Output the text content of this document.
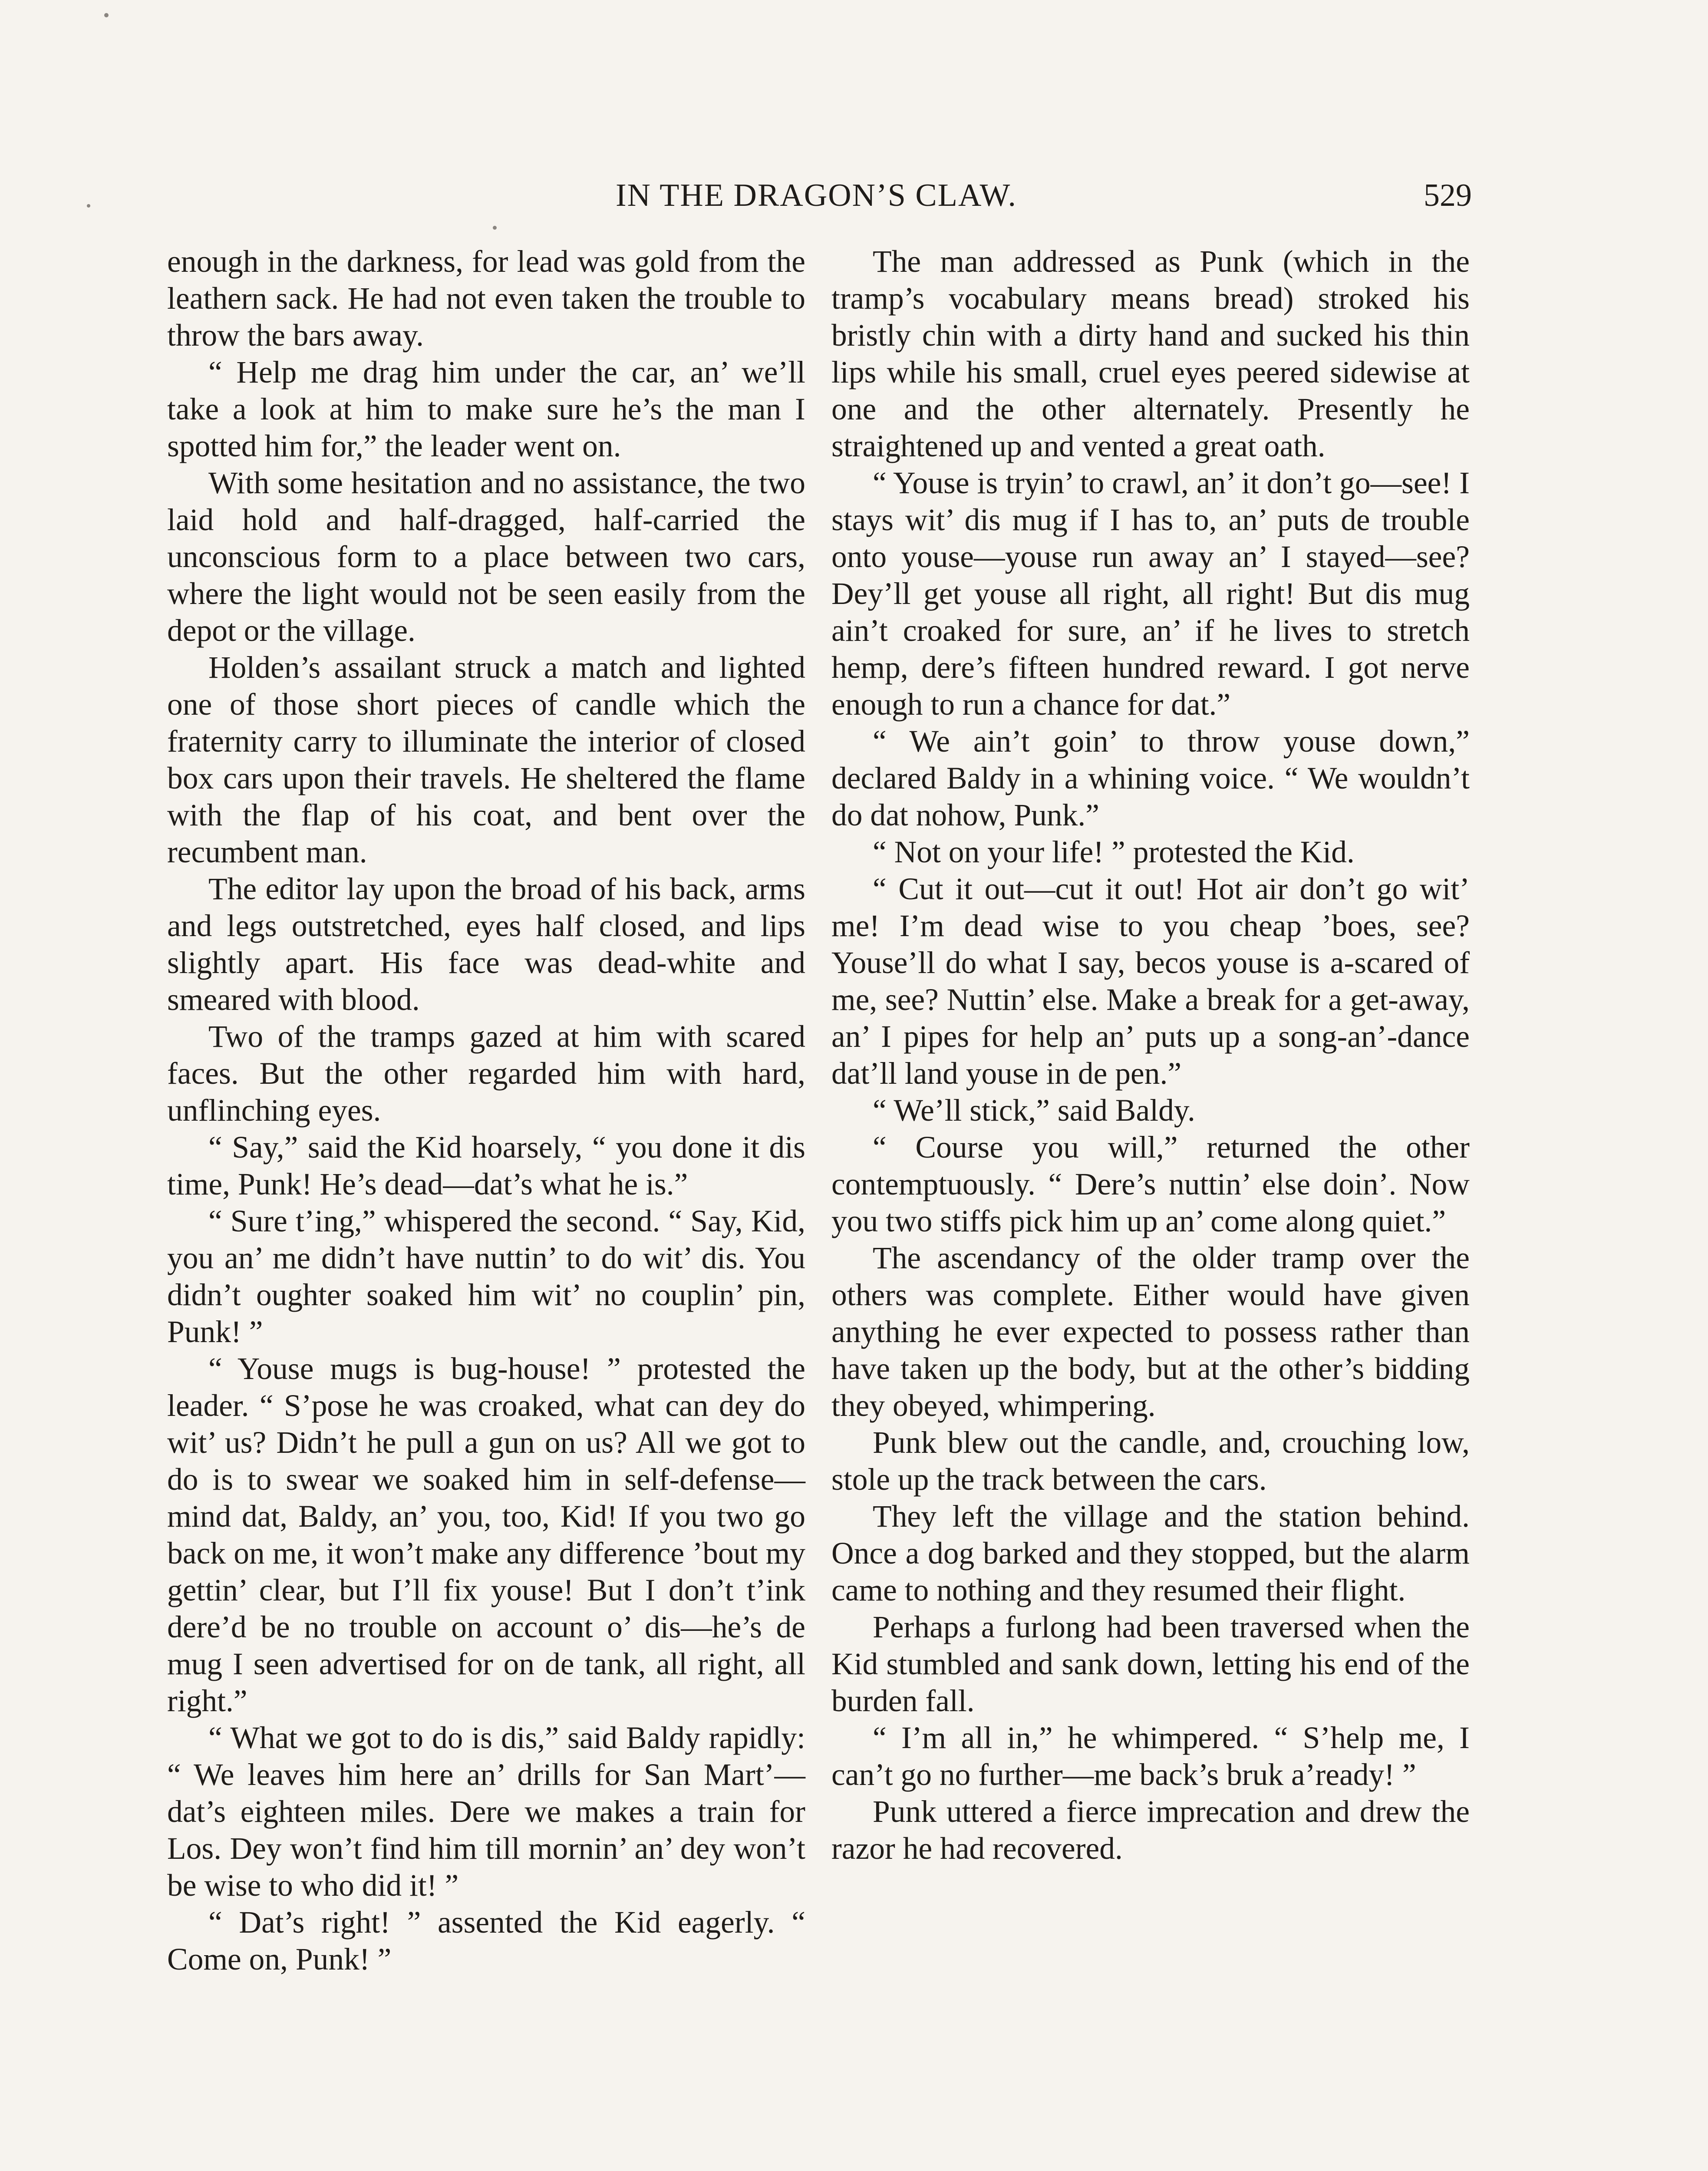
IN THE DRAGON’S CLAW.	529

enough in the darkness, for lead was gold from the leathern sack. He had not even taken the trouble to throw the bars away.

“ Help me drag him under the car, an’ we’ll take a look at him to make sure he’s the man I spotted him for,” the leader went on.

With some hesitation and no assistance, the two laid hold and half-dragged, half-carried the unconscious form to a place between two cars, where the light would not be seen easily from the depot or the village.

Holden’s assailant struck a match and lighted one of those short pieces of candle which the fraternity carry to illuminate the interior of closed box cars upon their travels. He sheltered the flame with the flap of his coat, and bent over the recumbent man.

The editor lay upon the broad of his back, arms and legs outstretched, eyes half closed, and lips slightly apart. His face was dead-white and smeared with blood.

Two of the tramps gazed at him with scared faces. But the other regarded him with hard, unflinching eyes.

“ Say,” said the Kid hoarsely, “ you done it dis time, Punk! He’s dead—dat’s what he is.”

“ Sure t’ing,” whispered the second. “ Say, Kid, you an’ me didn’t have nuttin’ to do wit’ dis. You didn’t oughter soaked him wit’ no couplin’ pin, Punk! ”

“ Youse mugs is bug-house! ” protested the leader. “ S’pose he was croaked, what can dey do wit’ us? Didn’t he pull a gun on us? All we got to do is to swear we soaked him in self-defense—mind dat, Baldy, an’ you, too, Kid! If you two go back on me, it won’t make any difference ’bout my gettin’ clear, but I’ll fix youse! But I don’t t’ink dere’d be no trouble on account o’ dis—he’s de mug I seen advertised for on de tank, all right, all right.”

“ What we got to do is dis,” said Baldy rapidly: “ We leaves him here an’ drills for San Mart’—dat’s eighteen miles. Dere we makes a train for Los. Dey won’t find him till mornin’ an’ dey won’t be wise to who did it! ”

“ Dat’s right! ” assented the Kid eagerly. “ Come on, Punk! ”

The man addressed as Punk (which in the tramp’s vocabulary means bread) stroked his bristly chin with a dirty hand and sucked his thin lips while his small, cruel eyes peered sidewise at one and the other alternately. Presently he straightened up and vented a great oath.

“ Youse is tryin’ to crawl, an’ it don’t go—see! I stays wit’ dis mug if I has to, an’ puts de trouble onto youse—youse run away an’ I stayed—see? Dey’ll get youse all right, all right! But dis mug ain’t croaked for sure, an’ if he lives to stretch hemp, dere’s fifteen hundred reward. I got nerve enough to run a chance for dat.”

“ We ain’t goin’ to throw youse down,” declared Baldy in a whining voice. “ We wouldn’t do dat nohow, Punk.”

“ Not on your life! ” protested the Kid.

“ Cut it out—cut it out! Hot air don’t go wit’ me! I’m dead wise to you cheap ’boes, see? Youse’ll do what I say, becos youse is a-scared of me, see? Nuttin’ else. Make a break for a get-away, an’ I pipes for help an’ puts up a song-an’-dance dat’ll land youse in de pen.”

“ We’ll stick,” said Baldy.

“ Course you will,” returned the other contemptuously. “ Dere’s nuttin’ else doin’. Now you two stiffs pick him up an’ come along quiet.”

The ascendancy of the older tramp over the others was complete. Either would have given anything he ever expected to possess rather than have taken up the body, but at the other’s bidding they obeyed, whimpering.

Punk blew out the candle, and, crouching low, stole up the track between the cars.

They left the village and the station behind. Once a dog barked and they stopped, but the alarm came to nothing and they resumed their flight.

Perhaps a furlong had been traversed when the Kid stumbled and sank down, letting his end of the burden fall.

“ I’m all in,” he whimpered. “ S’help me, I can’t go no further—me back’s bruk a’ready! ”

Punk uttered a fierce imprecation and drew the razor he had recovered.
